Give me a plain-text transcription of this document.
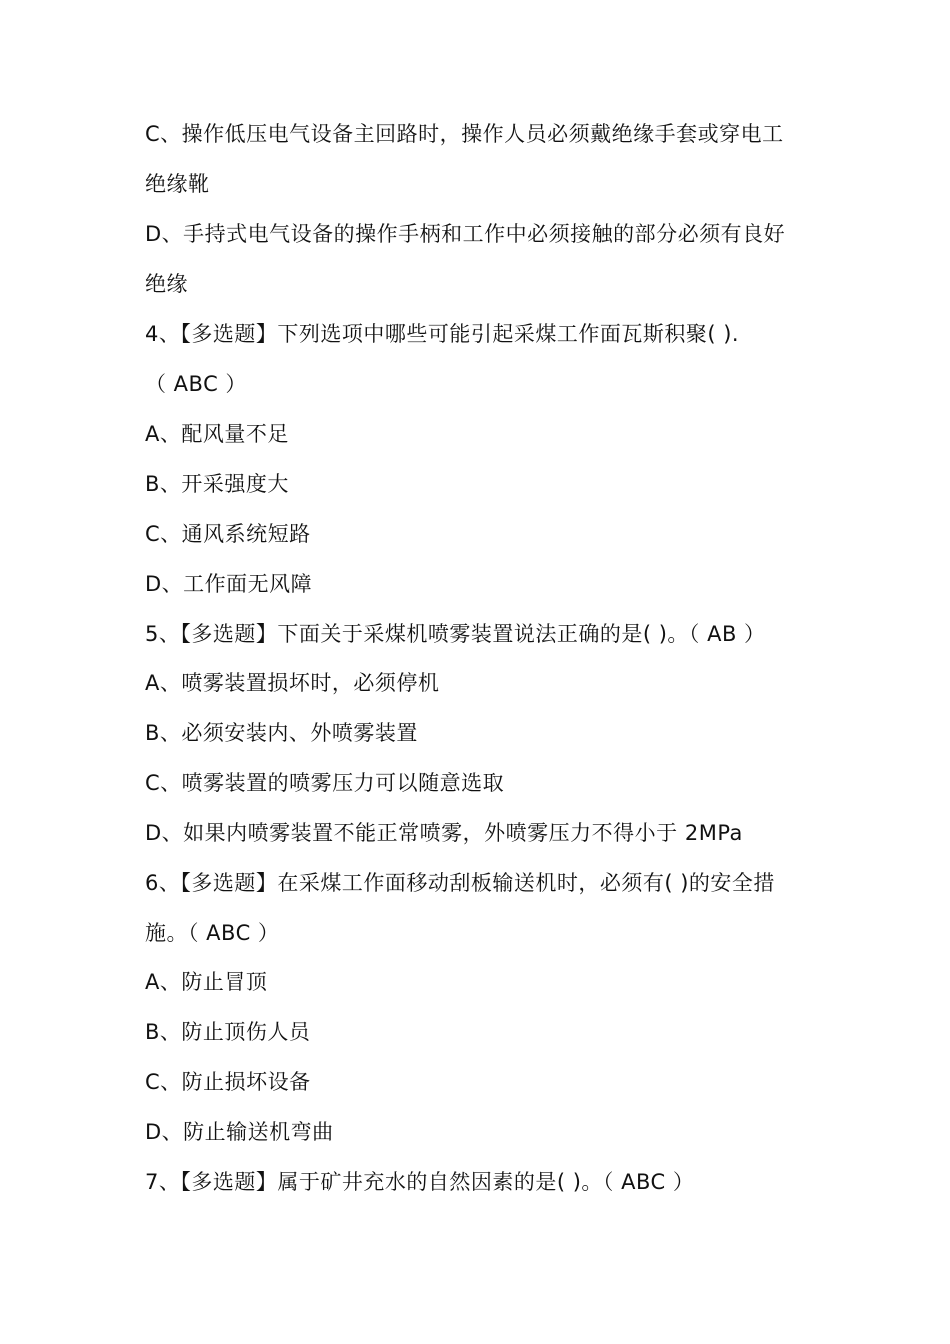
C、操作低压电气设备主回路时，操作人员必须戴绝缘手套或穿电工
绝缘靴
D、手持式电气设备的操作手柄和工作中必须接触的部分必须有良好
绝缘
4、【多选题】下列选项中哪些可能引起采煤工作面瓦斯积聚( ).
（ ABC ）
A、配风量不足
B、开采强度大
C、通风系统短路
D、工作面无风障
5、【多选题】下面关于采煤机喷雾装置说法正确的是( )。（ AB ）
A、喷雾装置损坏时，必须停机
B、必须安装内、外喷雾装置
C、喷雾装置的喷雾压力可以随意选取
D、如果内喷雾装置不能正常喷雾，外喷雾压力不得小于 2MPa
6、【多选题】在采煤工作面移动刮板输送机时，必须有( )的安全措
施。（ ABC ）
A、防止冒顶
B、防止顶伤人员
C、防止损坏设备
D、防止输送机弯曲
7、【多选题】属于矿井充水的自然因素的是( )。（ ABC ）
